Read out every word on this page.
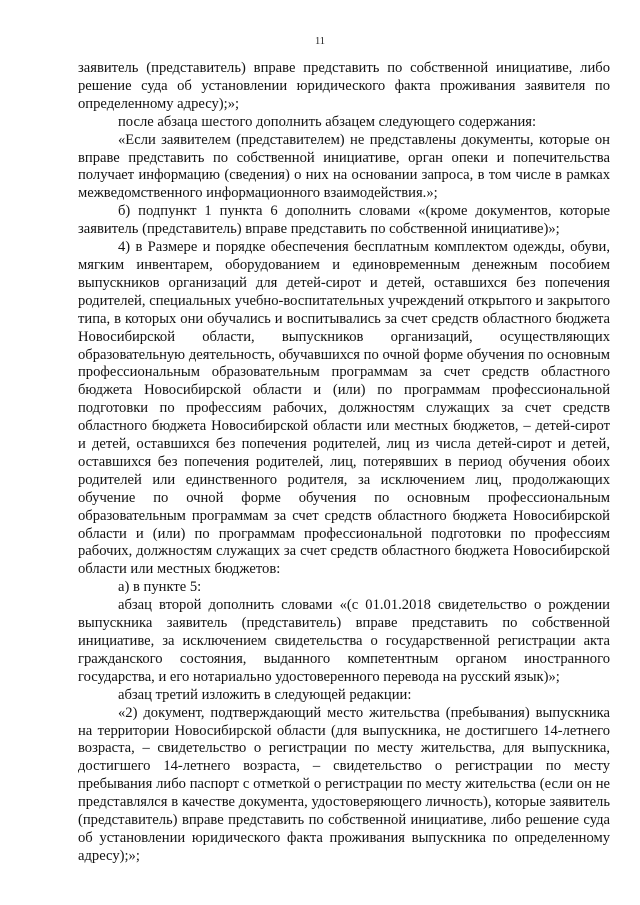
11

заявитель (представитель) вправе представить по собственной инициативе, либо решение суда об установлении юридического факта проживания заявителя по определенному адресу);»;

после абзаца шестого дополнить абзацем следующего содержания:

«Если заявителем (представителем) не представлены документы, которые он вправе представить по собственной инициативе, орган опеки и попечительства получает информацию (сведения) о них на основании запроса, в том числе в рамках межведомственного информационного взаимодействия.»;

б) подпункт 1 пункта 6 дополнить словами «(кроме документов, которые заявитель (представитель) вправе представить по собственной инициативе)»;

4) в Размере и порядке обеспечения бесплатным комплектом одежды, обуви, мягким инвентарем, оборудованием и единовременным денежным пособием выпускников организаций для детей-сирот и детей, оставшихся без попечения родителей, специальных учебно-воспитательных учреждений открытого и закрытого типа, в которых они обучались и воспитывались за счет средств областного бюджета Новосибирской области, выпускников организаций, осуществляющих образовательную деятельность, обучавшихся по очной форме обучения по основным профессиональным образовательным программам за счет средств областного бюджета Новосибирской области и (или) по программам профессиональной подготовки по профессиям рабочих, должностям служащих за счет средств областного бюджета Новосибирской области или местных бюджетов, – детей-сирот и детей, оставшихся без попечения родителей, лиц из числа детей-сирот и детей, оставшихся без попечения родителей, лиц, потерявших в период обучения обоих родителей или единственного родителя, за исключением лиц, продолжающих обучение по очной форме обучения по основным профессиональным образовательным программам за счет средств областного бюджета Новосибирской области и (или) по программам профессиональной подготовки по профессиям рабочих, должностям служащих за счет средств областного бюджета Новосибирской области или местных бюджетов:

а) в пункте 5:

абзац второй дополнить словами «(с 01.01.2018 свидетельство о рождении выпускника заявитель (представитель) вправе представить по собственной инициативе, за исключением свидетельства о государственной регистрации акта гражданского состояния, выданного компетентным органом иностранного государства, и его нотариально удостоверенного перевода на русский язык)»;

абзац третий изложить в следующей редакции:

«2) документ, подтверждающий место жительства (пребывания) выпускника на территории Новосибирской области (для выпускника, не достигшего 14-летнего возраста, – свидетельство о регистрации по месту жительства, для выпускника, достигшего 14-летнего возраста, – свидетельство о регистрации по месту пребывания либо паспорт с отметкой о регистрации по месту жительства (если он не представлялся в качестве документа, удостоверяющего личность), которые заявитель (представитель) вправе представить по собственной инициативе, либо решение суда об установлении юридического факта проживания выпускника по определенному адресу);»;
